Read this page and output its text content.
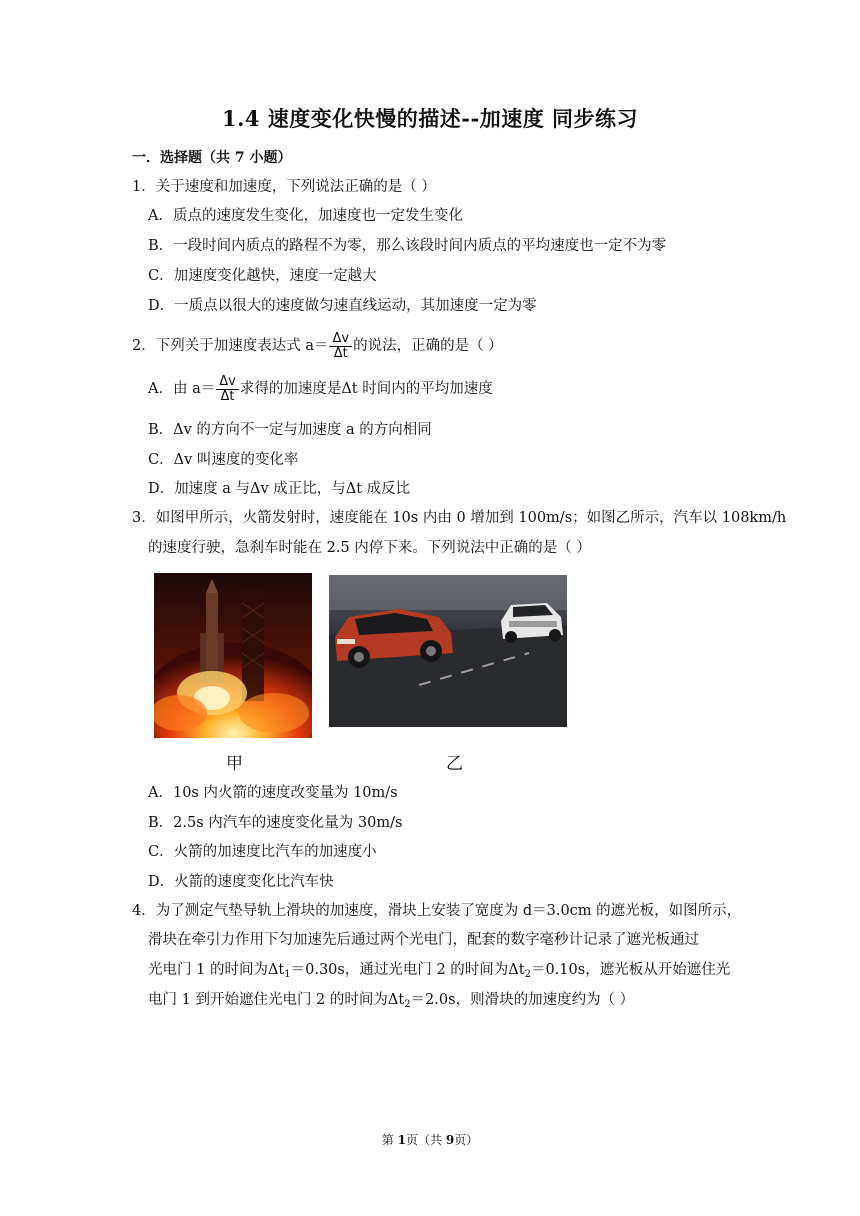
1.4 速度变化快慢的描述--加速度 同步练习
一．选择题（共 7 小题）
1．关于速度和加速度，下列说法正确的是（ ）
A．质点的速度发生变化，加速度也一定发生变化
B．一段时间内质点的路程不为零，那么该段时间内质点的平均速度也一定不为零
C．加速度变化越快，速度一定越大
D．一质点以很大的速度做匀速直线运动，其加速度一定为零
2．下列关于加速度表达式 $a= \frac{\Delta v}{\Delta t}$ 的说法，正确的是（ ）
A．由 $a= \frac{\Delta v}{\Delta t}$ 求得的加速度是Δt 时间内的平均加速度
B．Δv 的方向不一定与加速度 a 的方向相同
C．Δv 叫速度的变化率
D．加速度 a 与Δv 成正比，与Δt 成反比
3．如图甲所示，火箭发射时，速度能在 10s 内由 0 增加到 100m/s；如图乙所示，汽车以 108km/h
的速度行驶，急刹车时能在 2.5 内停下来。下列说法中正确的是（ ）
甲	乙
A．10s 内火箭的速度改变量为 10m/s
B．2.5s 内汽车的速度变化量为 30m/s
C．火箭的加速度比汽车的加速度小
D．火箭的速度变化比汽车快
4．为了测定气垫导轨上滑块的加速度，滑块上安装了宽度为 d＝3.0cm 的遮光板，如图所示，
滑块在牵引力作用下匀加速先后通过两个光电门，配套的数字毫秒计记录了遮光板通过
光电门 1 的时间为$\Delta t_1=0.30s$，通过光电门 2 的时间为$\Delta t_2=0.10s$，遮光板从开始遮住光
电门 1 到开始遮住光电门 2 的时间为$\Delta t_2=2.0s$，则滑块的加速度约为（ ）
第 1页（共 9页）
